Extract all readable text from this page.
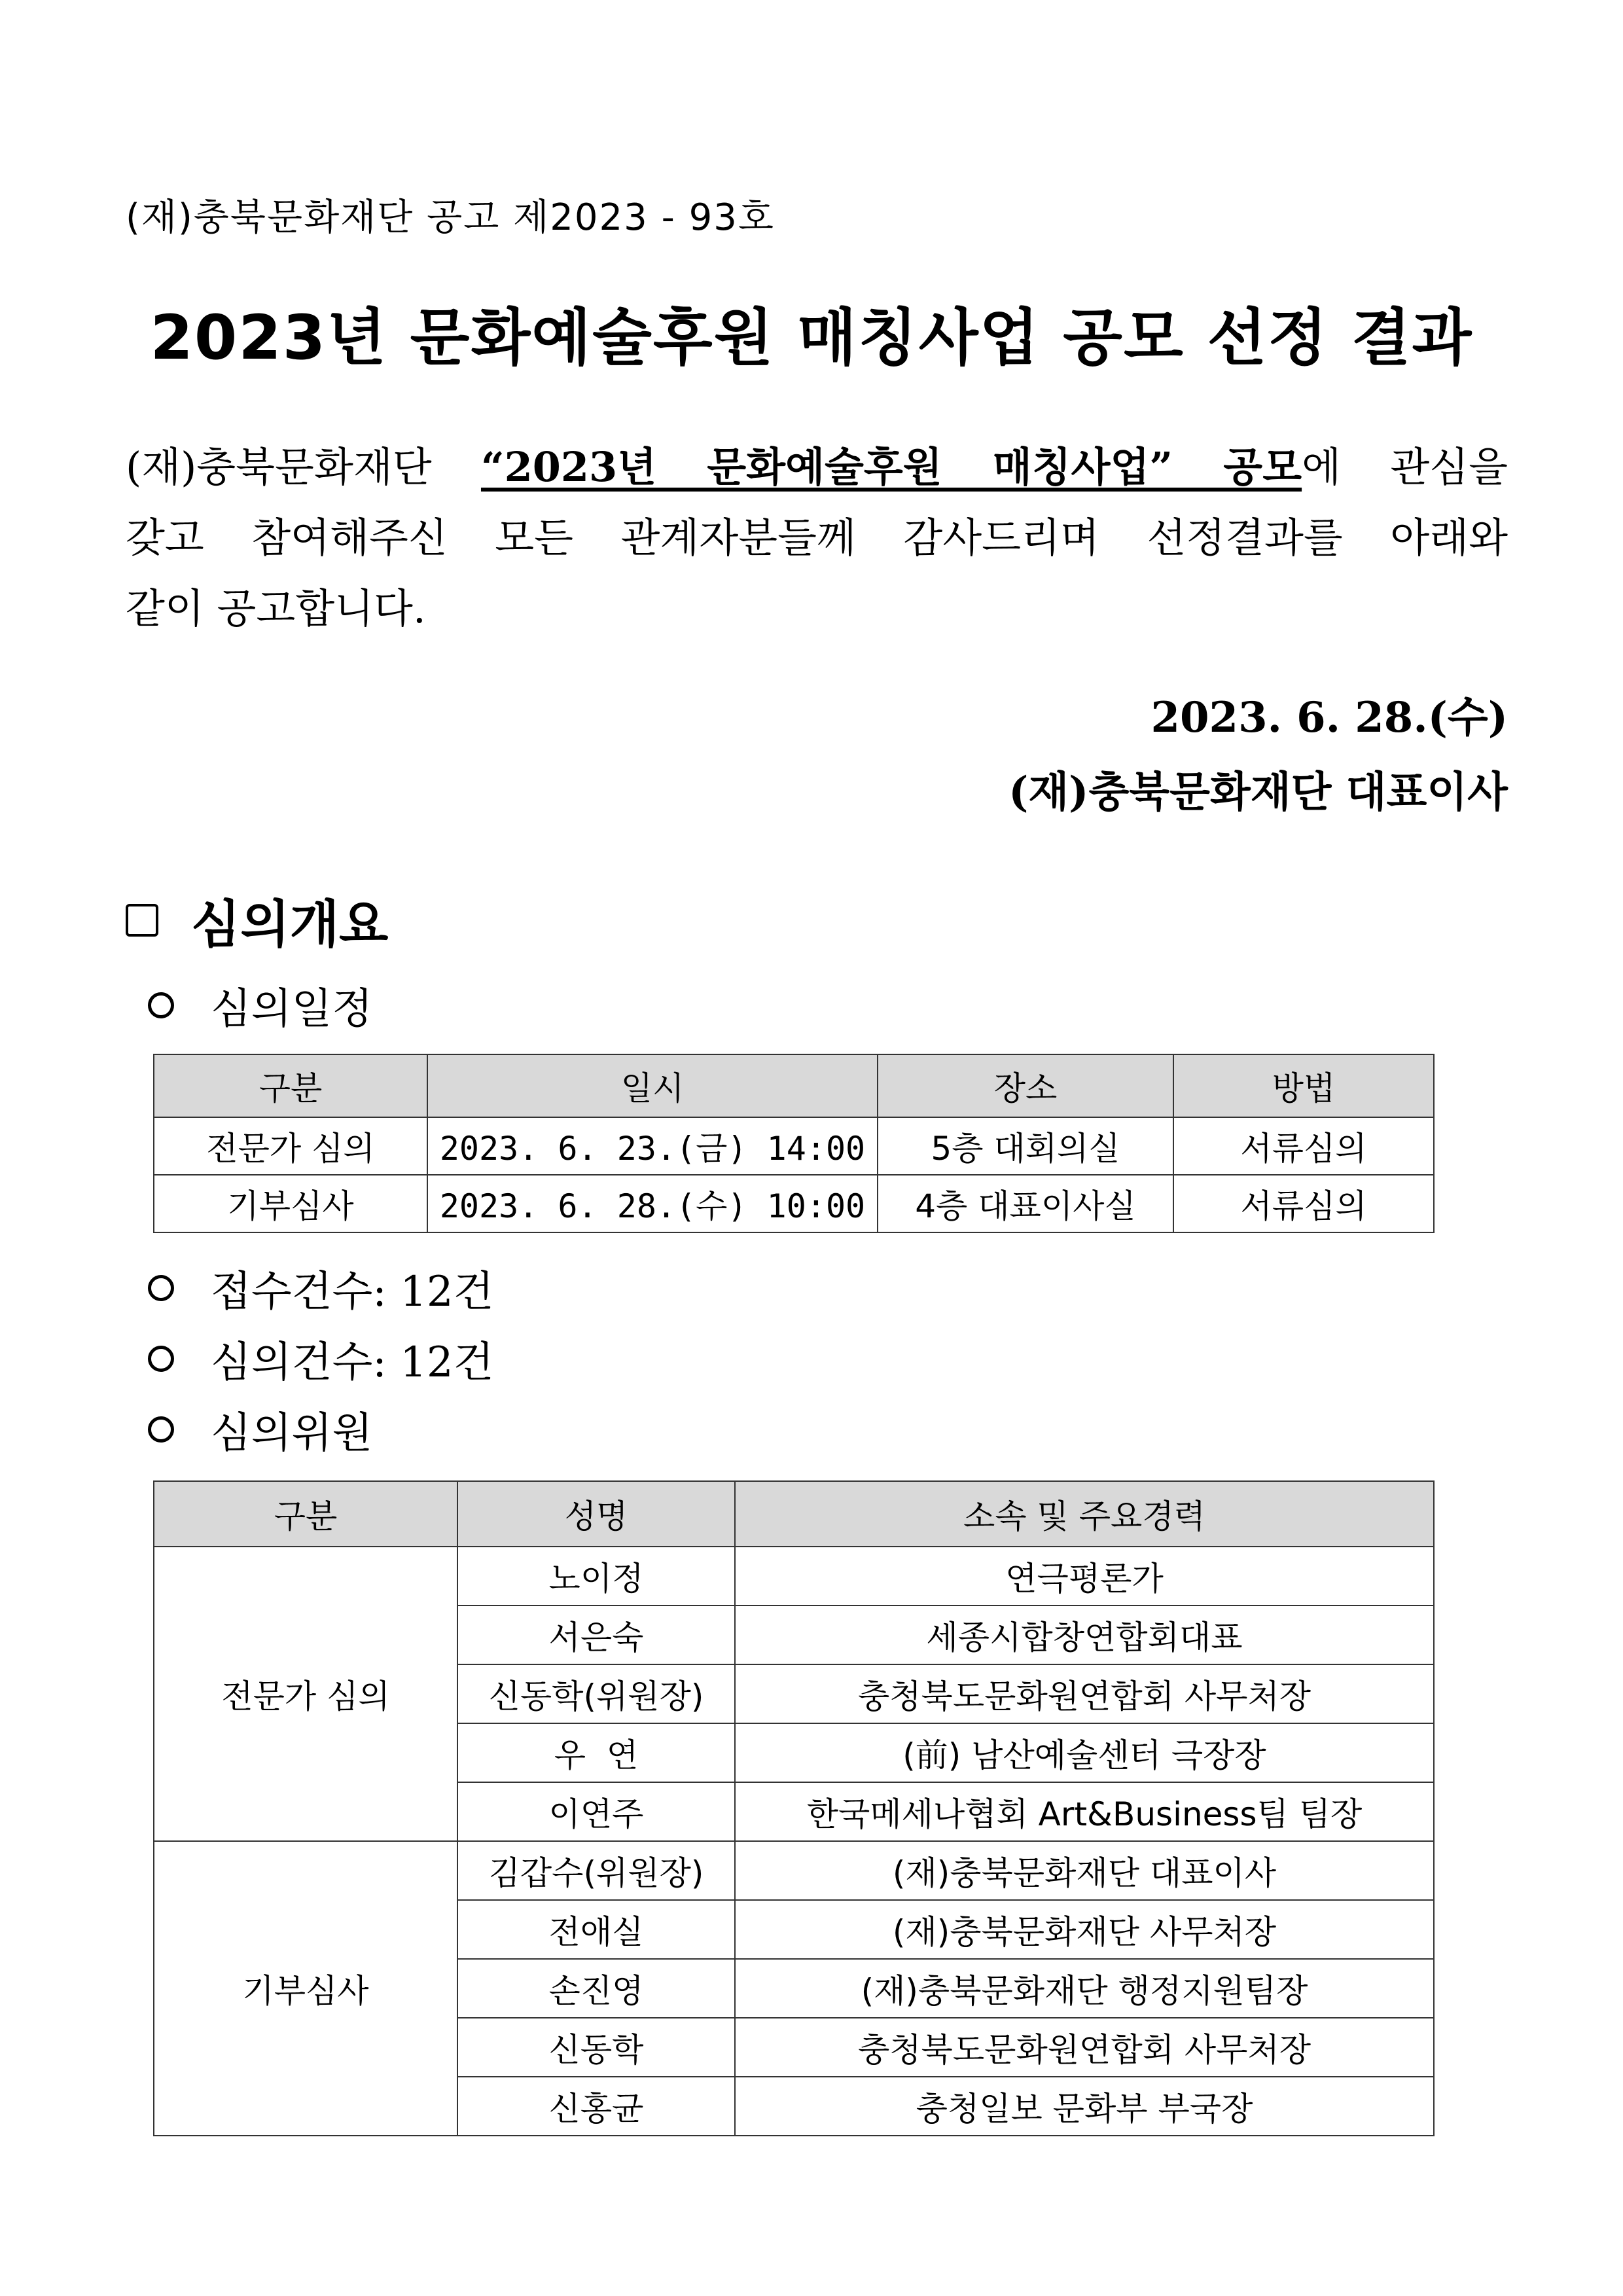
(재)충북문화재단 공고 제2023 - 93호
2023년 문화예술후원 매칭사업 공모 선정 결과
(재)충북문화재단 “2023년 문화예술후원 매칭사업” 공모에 관심을
갖고 참여해주신 모든 관계자분들께 감사드리며 선정결과를 아래와
같이 공고합니다.
2023. 6. 28.(수)
(재)충북문화재단 대표이사
심의개요
심의일정
구분	일시	장소	방법
전문가 심의	2023. 6. 23.(금) 14:00	5층 대회의실	서류심의
기부심사	2023. 6. 28.(수) 10:00	4층 대표이사실	서류심의
접수건수: 12건
심의건수: 12건
심의위원
구분	성명	소속 및 주요경력
전문가 심의	노이정	연극평론가
	서은숙	세종시합창연합회대표
	신동학(위원장)	충청북도문화원연합회 사무처장
	우  연	(前) 남산예술센터 극장장
	이연주	한국메세나협회 Art&Business팀 팀장
기부심사	김갑수(위원장)	(재)충북문화재단 대표이사
	전애실	(재)충북문화재단 사무처장
	손진영	(재)충북문화재단 행정지원팀장
	신동학	충청북도문화원연합회 사무처장
	신홍균	충청일보 문화부 부국장
